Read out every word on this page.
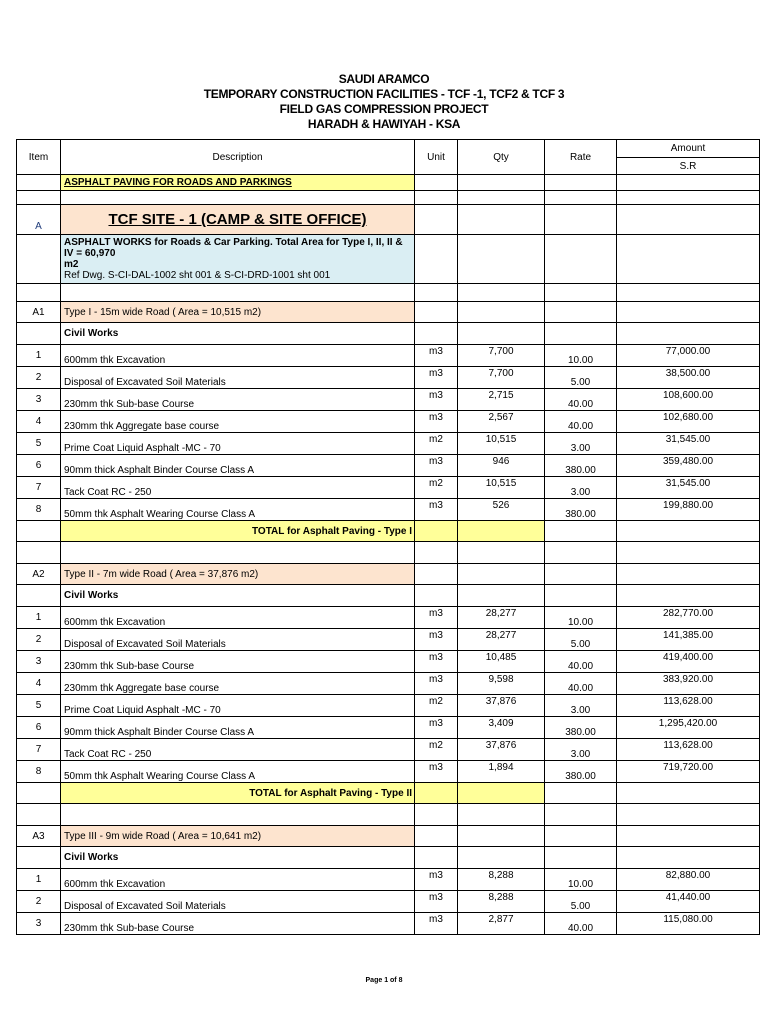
SAUDI ARAMCO
TEMPORARY CONSTRUCTION FACILITIES - TCF -1, TCF2 & TCF 3
FIELD GAS COMPRESSION PROJECT
HARADH & HAWIYAH - KSA
Item	Description	Unit	Qty	Rate	Amount
					S.R
	ASPHALT PAVING FOR ROADS AND PARKINGS				

A	TCF SITE - 1 (CAMP & SITE OFFICE)				

	ASPHALT WORKS for Roads & Car Parking. Total Area for Type I, II, II & IV = 60,970
m2
Ref Dwg. S-CI-DAL-1002 sht 001 & S-CI-DRD-1001 sht 001				

A1	Type I - 15m wide Road ( Area = 10,515 m2)				
	Civil Works				
1	600mm thk Excavation	m3	7,700	10.00	77,000.00
2	Disposal of Excavated Soil Materials	m3	7,700	5.00	38,500.00
3	230mm thk Sub-base Course	m3	2,715	40.00	108,600.00
4	230mm thk Aggregate base course	m3	2,567	40.00	102,680.00
5	Prime Coat Liquid Asphalt -MC - 70	m2	10,515	3.00	31,545.00
6	90mm thick Asphalt Binder Course Class A	m3	946	380.00	359,480.00
7	Tack Coat RC - 250	m2	10,515	3.00	31,545.00
8	50mm thk Asphalt Wearing Course Class A	m3	526	380.00	199,880.00
	TOTAL for Asphalt Paving - Type I				

A2	Type II - 7m wide Road ( Area = 37,876 m2)				
	Civil Works				
1	600mm thk Excavation	m3	28,277	10.00	282,770.00
2	Disposal of Excavated Soil Materials	m3	28,277	5.00	141,385.00
3	230mm thk Sub-base Course	m3	10,485	40.00	419,400.00
4	230mm thk Aggregate base course	m3	9,598	40.00	383,920.00
5	Prime Coat Liquid Asphalt -MC - 70	m2	37,876	3.00	113,628.00
6	90mm thick Asphalt Binder Course Class A	m3	3,409	380.00	1,295,420.00
7	Tack Coat RC - 250	m2	37,876	3.00	113,628.00
8	50mm thk Asphalt Wearing Course Class A	m3	1,894	380.00	719,720.00
	TOTAL for Asphalt Paving - Type II				

A3	Type III - 9m wide Road ( Area = 10,641 m2)				
	Civil Works				
1	600mm thk Excavation	m3	8,288	10.00	82,880.00
2	Disposal of Excavated Soil Materials	m3	8,288	5.00	41,440.00
3	230mm thk Sub-base Course	m3	2,877	40.00	115,080.00
Page 1 of 8
